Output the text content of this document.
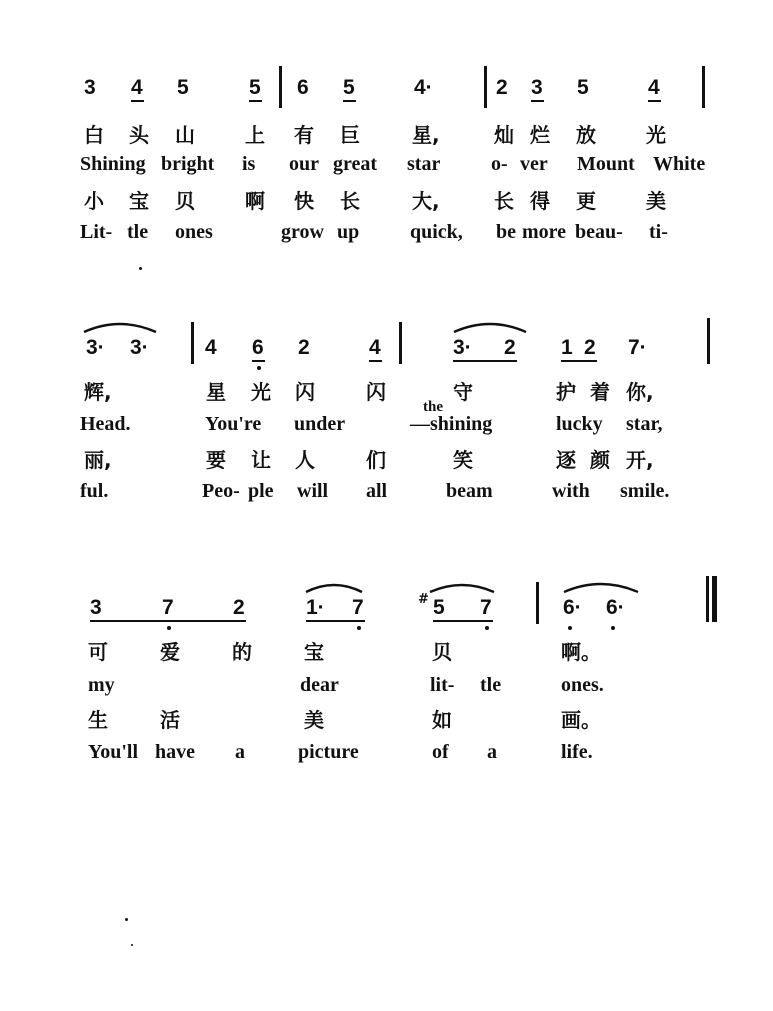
3 4 5	5 6 5	4·	2 3 5	4
白 头 山	上 有 巨	星,	灿 烂 放	光
Shining bright is our great star	o- ver Mount White
小 宝 贝	啊 快 长	大,	长 得 更	美
Lit- tle ones	grow up	quick, be more beau- ti-
3· 3·	4 6 2	4	3· 2 1 2 7·
辉,	星 光 闪	闪	守	护 着 你,
Head.	You're under
the
—shining	lucky star,
丽,	要 让 人	们	笑	逐 颜 开,
ful.	Peo- ple will all	beam	with smile.
3	7	2	1· 7	# 5 7	6· 6·
可	爱	的	宝	贝	啊。
my	dear	lit- tle	ones.
生	活	美	如	画。
You'll have a	picture	of a	life.
